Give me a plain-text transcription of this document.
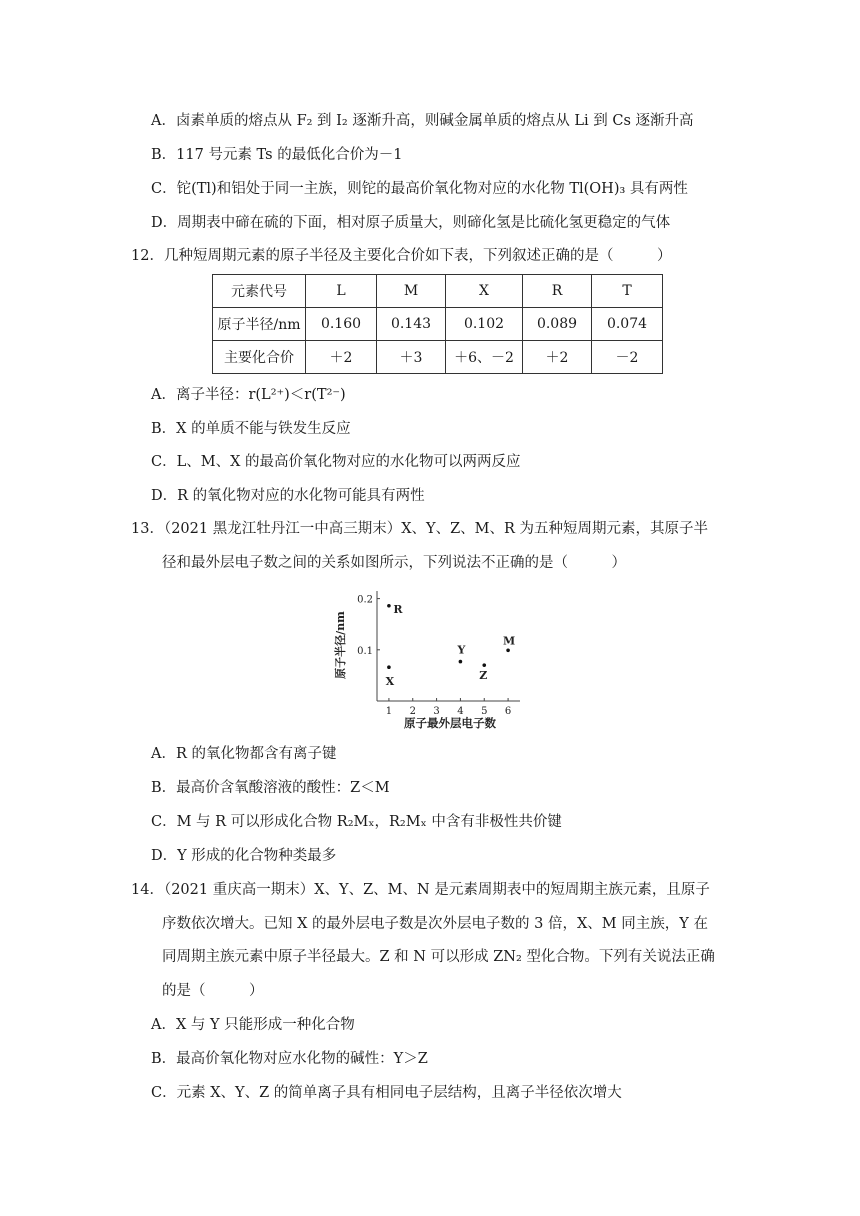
A．卤素单质的熔点从 F₂ 到 I₂ 逐渐升高，则碱金属单质的熔点从 Li 到 Cs 逐渐升高
B．117 号元素 Ts 的最低化合价为－1
C．铊(Tl)和铝处于同一主族，则铊的最高价氧化物对应的水化物 Tl(OH)₃ 具有两性
D．周期表中碲在硫的下面，相对原子质量大，则碲化氢是比硫化氢更稳定的气体
12．几种短周期元素的原子半径及主要化合价如下表，下列叙述正确的是（　　　）
元素代号	L	M	X	R	T
原子半径/nm	0.160	0.143	0.102	0.089	0.074
主要化合价	＋2	＋3	＋6、－2	＋2	－2
A．离子半径：r(L²⁺)＜r(T²⁻)
B．X 的单质不能与铁发生反应
C．L、M、X 的最高价氧化物对应的水化物可以两两反应
D．R 的氧化物对应的水化物可能具有两性
13．（2021 黑龙江牡丹江一中高三期末）X、Y、Z、M、R 为五种短周期元素，其原子半
径和最外层电子数之间的关系如图所示，下列说法不正确的是（　　　）
1 2 3 4 5 6
0.1
0.2
R
X
Y
Z
M
原子半径/nm
原子最外层电子数
A．R 的氧化物都含有离子键
B．最高价含氧酸溶液的酸性：Z＜M
C．M 与 R 可以形成化合物 R₂Mₓ，R₂Mₓ 中含有非极性共价键
D．Y 形成的化合物种类最多
14．（2021 重庆高一期末）X、Y、Z、M、N 是元素周期表中的短周期主族元素，且原子
序数依次增大。已知 X 的最外层电子数是次外层电子数的 3 倍，X、M 同主族，Y 在
同周期主族元素中原子半径最大。Z 和 N 可以形成 ZN₂ 型化合物。下列有关说法正确
的是（　　　）
A．X 与 Y 只能形成一种化合物
B．最高价氧化物对应水化物的碱性：Y＞Z
C．元素 X、Y、Z 的简单离子具有相同电子层结构，且离子半径依次增大
